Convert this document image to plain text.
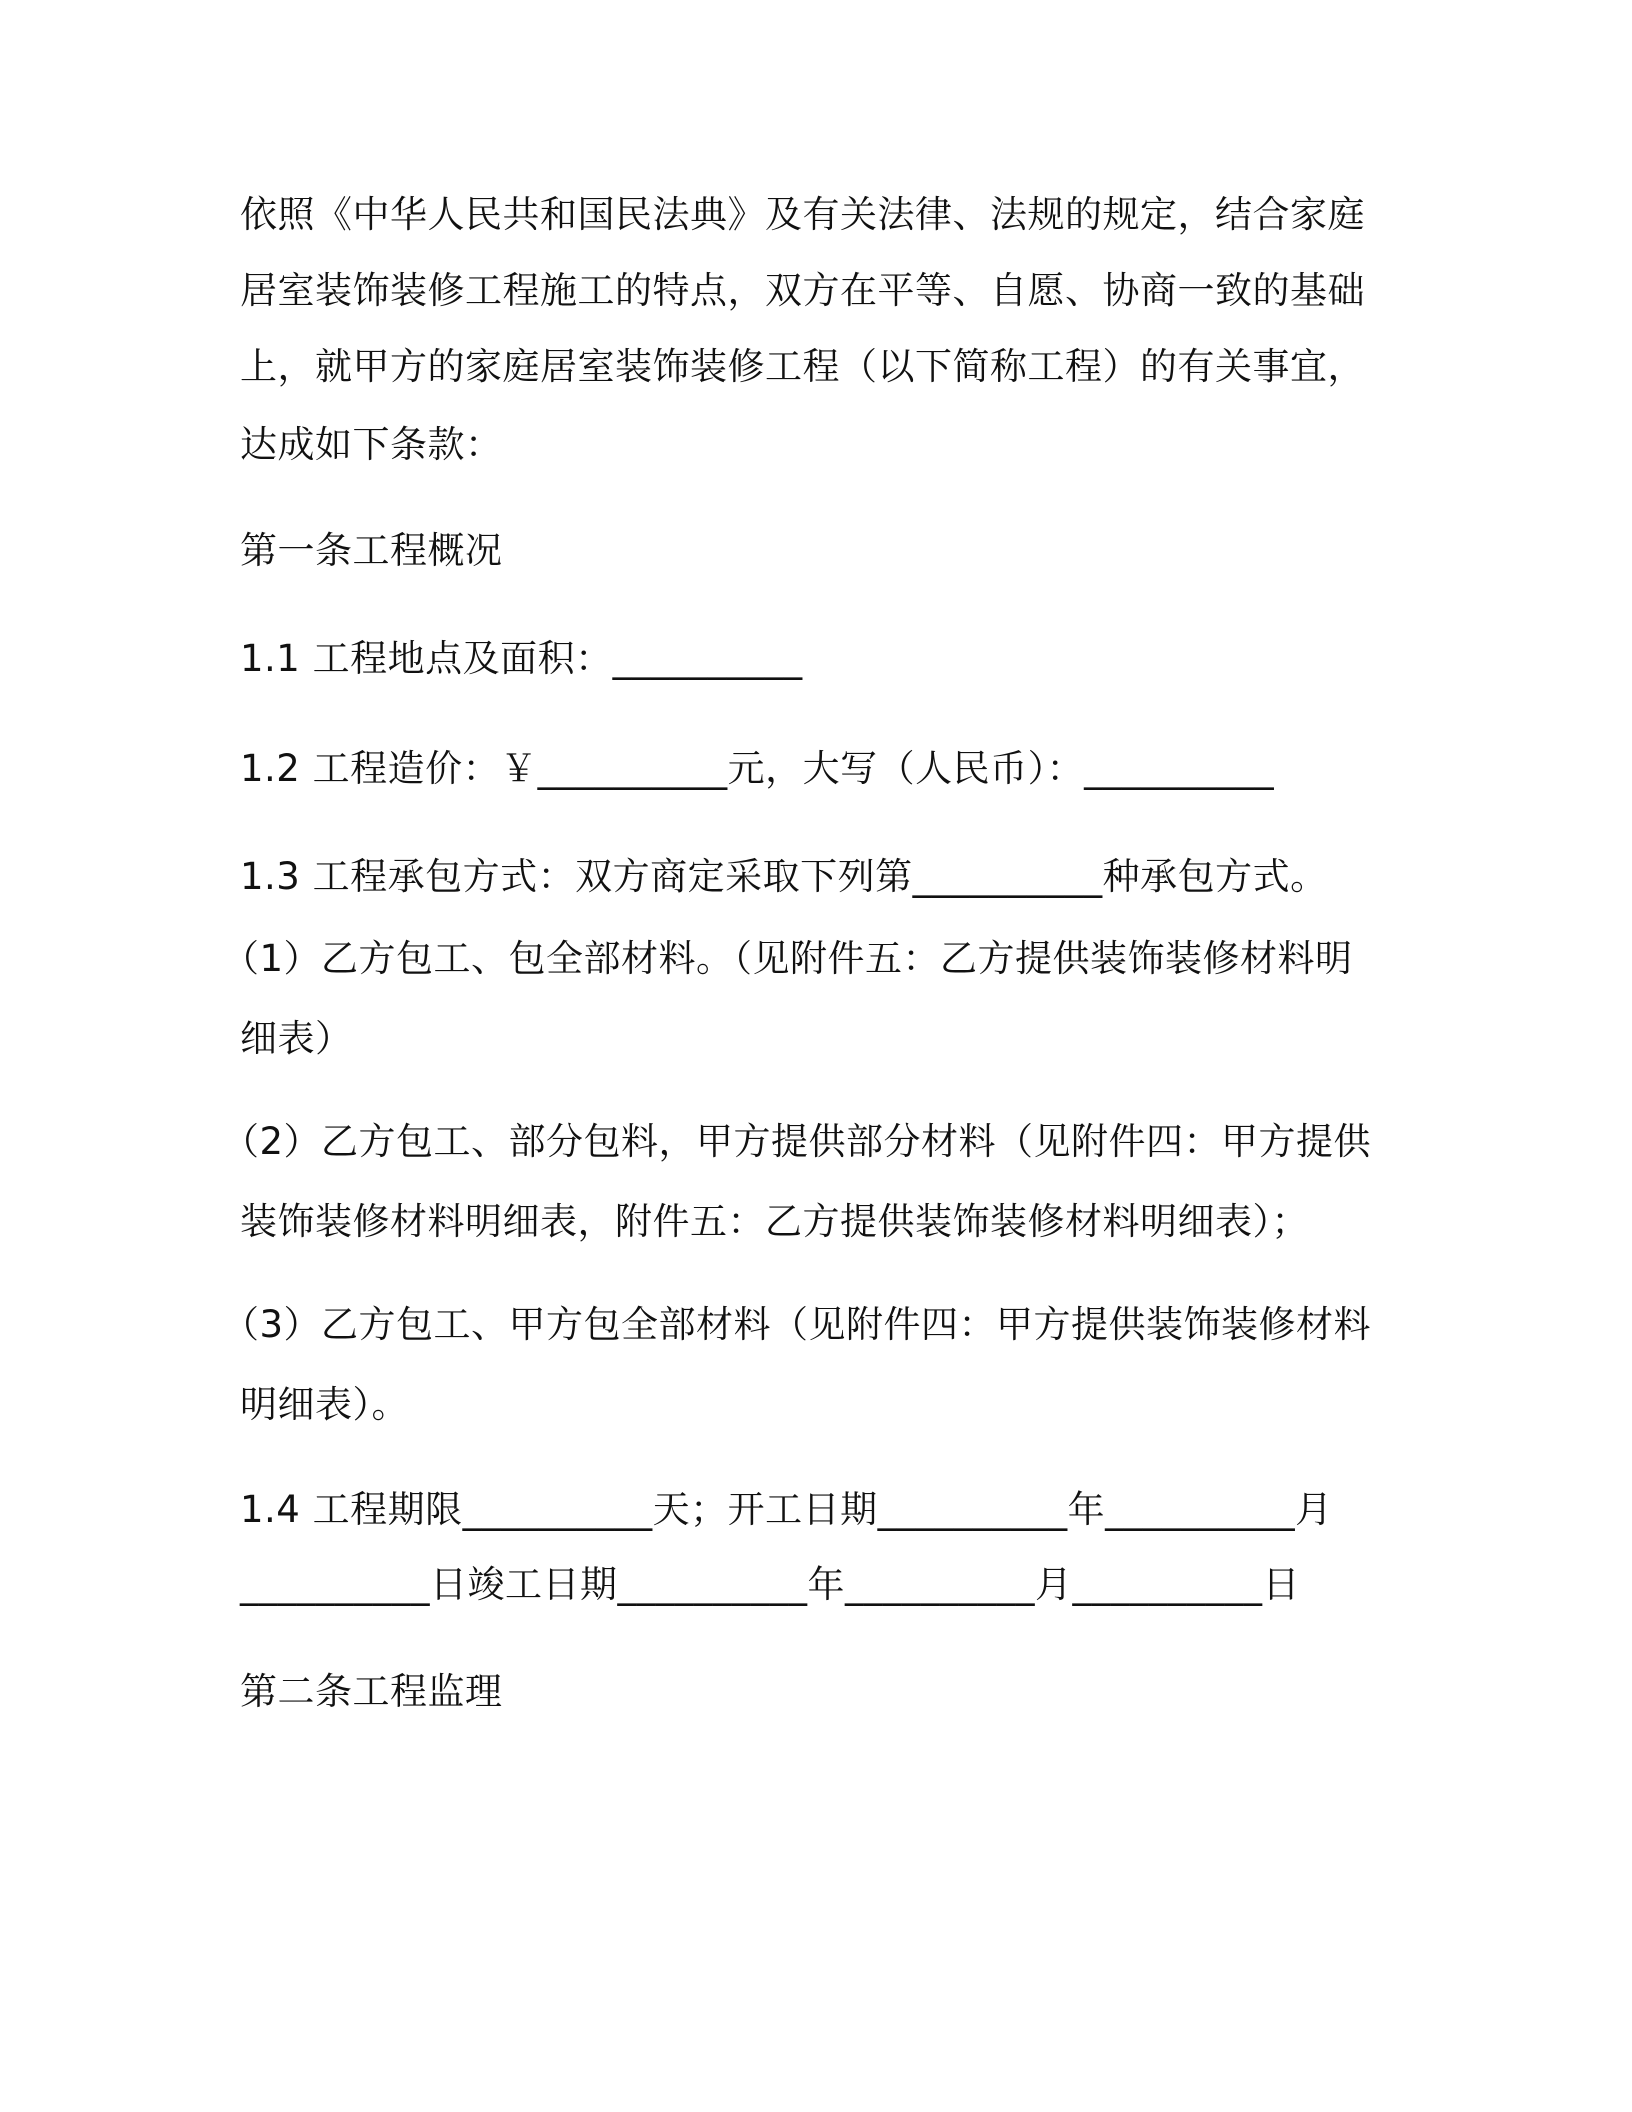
依照《中华人民共和国民法典》及有关法律、法规的规定，结合家庭
居室装饰装修工程施工的特点，双方在平等、自愿、协商一致的基础
上，就甲方的家庭居室装饰装修工程（以下简称工程）的有关事宜，
达成如下条款：
第一条工程概况
1.1 工程地点及面积：__________
1.2 工程造价：￥__________元，大写（人民币）：__________
1.3 工程承包方式：双方商定采取下列第__________种承包方式。
（1）乙方包工、包全部材料。（见附件五：乙方提供装饰装修材料明
细表）
（2）乙方包工、部分包料，甲方提供部分材料（见附件四：甲方提供
装饰装修材料明细表，附件五：乙方提供装饰装修材料明细表）；
（3）乙方包工、甲方包全部材料（见附件四：甲方提供装饰装修材料
明细表）。
1.4 工程期限__________天；开工日期__________年__________月
__________日竣工日期__________年__________月__________日
第二条工程监理
